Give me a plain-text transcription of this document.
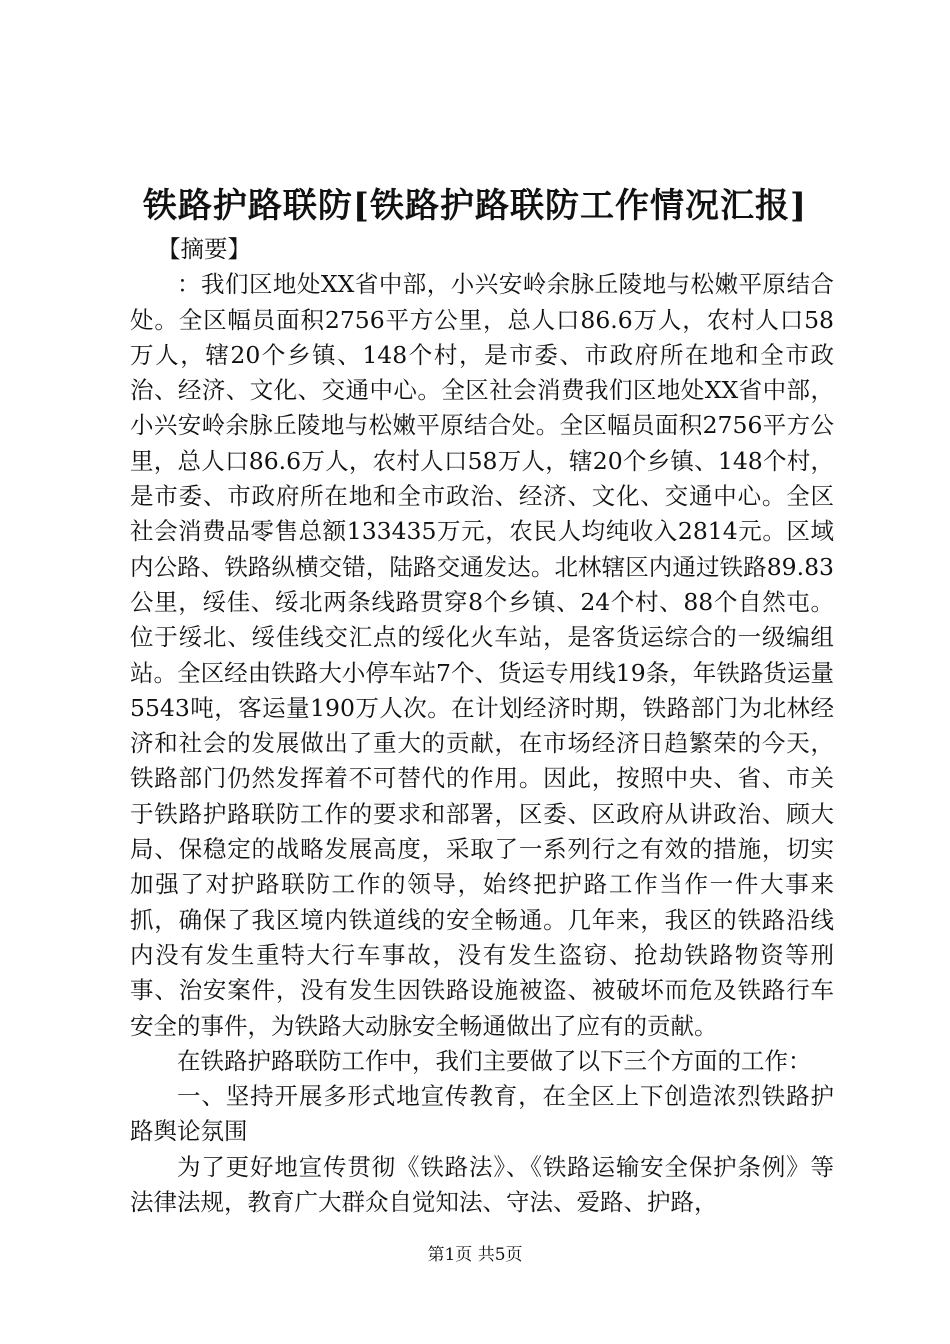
铁路护路联防[铁路护路联防工作情况汇报]

【摘要】

：我们区地处XX省中部，小兴安岭余脉丘陵地与松嫩平原结合处。全区幅员面积2756平方公里，总人口86.6万人，农村人口58万人，辖20个乡镇、148个村，是市委、市政府所在地和全市政治、经济、文化、交通中心。全区社会消费我们区地处XX省中部，小兴安岭余脉丘陵地与松嫩平原结合处。全区幅员面积2756平方公里，总人口86.6万人，农村人口58万人，辖20个乡镇、148个村，是市委、市政府所在地和全市政治、经济、文化、交通中心。全区社会消费品零售总额133435万元，农民人均纯收入2814元。区域内公路、铁路纵横交错，陆路交通发达。北林辖区内通过铁路89.83公里，绥佳、绥北两条线路贯穿8个乡镇、24个村、88个自然屯。位于绥北、绥佳线交汇点的绥化火车站，是客货运综合的一级编组站。全区经由铁路大小停车站7个、货运专用线19条，年铁路货运量5543吨，客运量190万人次。在计划经济时期，铁路部门为北林经济和社会的发展做出了重大的贡献，在市场经济日趋繁荣的今天，铁路部门仍然发挥着不可替代的作用。因此，按照中央、省、市关于铁路护路联防工作的要求和部署，区委、区政府从讲政治、顾大局、保稳定的战略发展高度，采取了一系列行之有效的措施，切实加强了对护路联防工作的领导，始终把护路工作当作一件大事来抓，确保了我区境内铁道线的安全畅通。几年来，我区的铁路沿线内没有发生重特大行车事故，没有发生盗窃、抢劫铁路物资等刑事、治安案件，没有发生因铁路设施被盗、被破坏而危及铁路行车安全的事件，为铁路大动脉安全畅通做出了应有的贡献。

在铁路护路联防工作中，我们主要做了以下三个方面的工作：

一、坚持开展多形式地宣传教育，在全区上下创造浓烈铁路护路舆论氛围

为了更好地宣传贯彻《铁路法》、《铁路运输安全保护条例》等法律法规，教育广大群众自觉知法、守法、爱路、护路，

第1页 共5页
